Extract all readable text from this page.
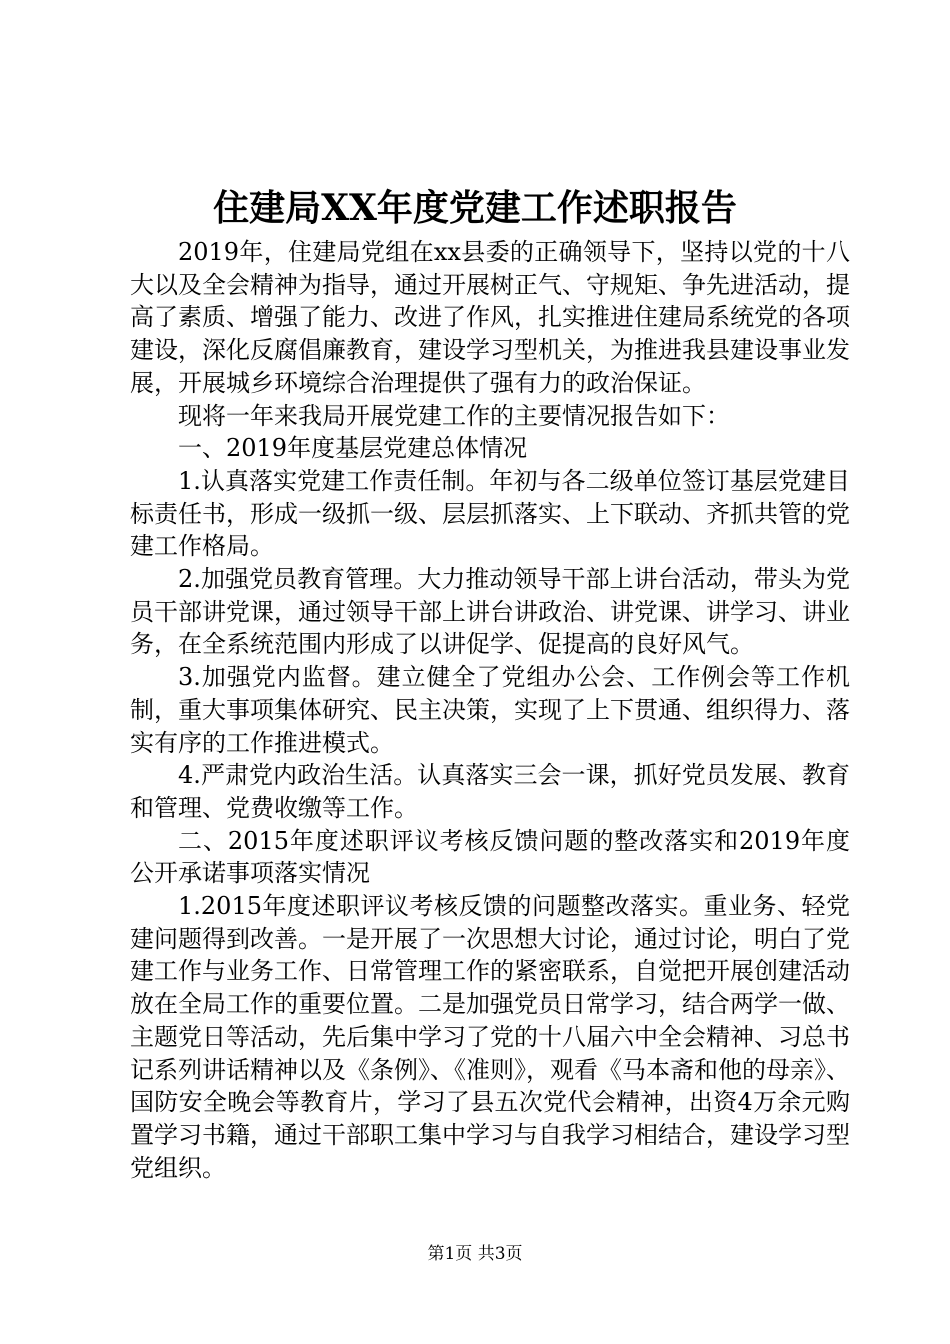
住建局XX年度党建工作述职报告

2019年，住建局党组在xx县委的正确领导下，坚持以党的十八大以及全会精神为指导，通过开展树正气、守规矩、争先进活动，提高了素质、增强了能力、改进了作风，扎实推进住建局系统党的各项建设，深化反腐倡廉教育，建设学习型机关，为推进我县建设事业发展，开展城乡环境综合治理提供了强有力的政治保证。

现将一年来我局开展党建工作的主要情况报告如下：

一、2019年度基层党建总体情况

1.认真落实党建工作责任制。年初与各二级单位签订基层党建目标责任书，形成一级抓一级、层层抓落实、上下联动、齐抓共管的党建工作格局。

2.加强党员教育管理。大力推动领导干部上讲台活动，带头为党员干部讲党课，通过领导干部上讲台讲政治、讲党课、讲学习、讲业务，在全系统范围内形成了以讲促学、促提高的良好风气。

3.加强党内监督。建立健全了党组办公会、工作例会等工作机制，重大事项集体研究、民主决策，实现了上下贯通、组织得力、落实有序的工作推进模式。

4.严肃党内政治生活。认真落实三会一课，抓好党员发展、教育和管理、党费收缴等工作。

二、2015年度述职评议考核反馈问题的整改落实和2019年度公开承诺事项落实情况

1.2015年度述职评议考核反馈的问题整改落实。重业务、轻党建问题得到改善。一是开展了一次思想大讨论，通过讨论，明白了党建工作与业务工作、日常管理工作的紧密联系，自觉把开展创建活动放在全局工作的重要位置。二是加强党员日常学习，结合两学一做、主题党日等活动，先后集中学习了党的十八届六中全会精神、习总书记系列讲话精神以及《条例》、《准则》，观看《马本斋和他的母亲》、国防安全晚会等教育片，学习了县五次党代会精神，出资4万余元购置学习书籍，通过干部职工集中学习与自我学习相结合，建设学习型党组织。

第1页 共3页
